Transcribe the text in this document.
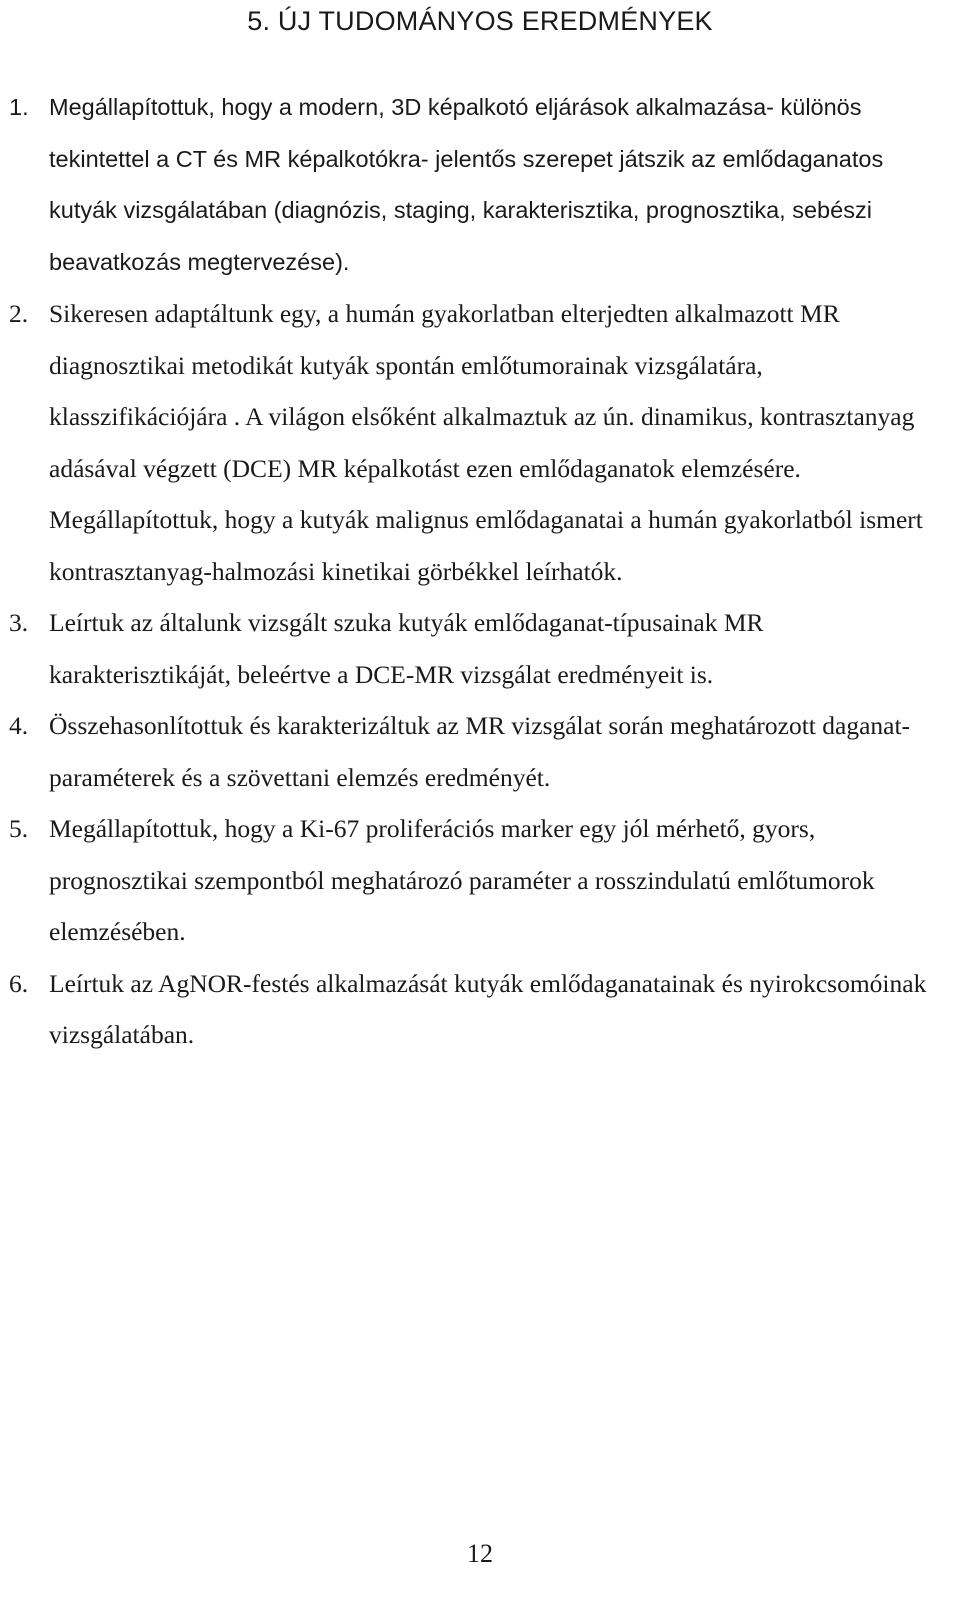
5. ÚJ TUDOMÁNYOS EREDMÉNYEK
1. Megállapítottuk, hogy a modern, 3D képalkotó eljárások alkalmazása- különös tekintettel a CT és MR képalkotókra- jelentős szerepet játszik az emlődaganatos kutyák vizsgálatában (diagnózis, staging, karakterisztika, prognosztika, sebészi beavatkozás megtervezése).
2. Sikeresen adaptáltunk egy, a humán gyakorlatban elterjedten alkalmazott MR diagnosztikai metodikát kutyák spontán emlőtumorainak vizsgálatára, klasszifikációjára . A világon elsőként alkalmaztuk az ún. dinamikus, kontrasztanyag adásával végzett (DCE) MR képalkotást ezen emlődaganatok elemzésére. Megállapítottuk, hogy a kutyák malignus emlődaganatai a humán gyakorlatból ismert kontrasztanyag-halmozási kinetikai görbékkel leírhatók.
3. Leírtuk az általunk vizsgált szuka kutyák emlődaganat-típusainak MR karakterisztikáját, beleértve a DCE-MR vizsgálat eredményeit is.
4. Összehasonlítottuk és karakterizáltuk az MR vizsgálat során meghatározott daganat-paraméterek és a szövettani elemzés eredményét.
5. Megállapítottuk, hogy a Ki-67 proliferációs marker egy jól mérhető, gyors, prognosztikai szempontból meghatározó paraméter a rosszindulatú emlőtumorok elemzésében.
6. Leírtuk az AgNOR-festés alkalmazását kutyák emlődaganatainak és nyirokcsomóinak vizsgálatában.
12
